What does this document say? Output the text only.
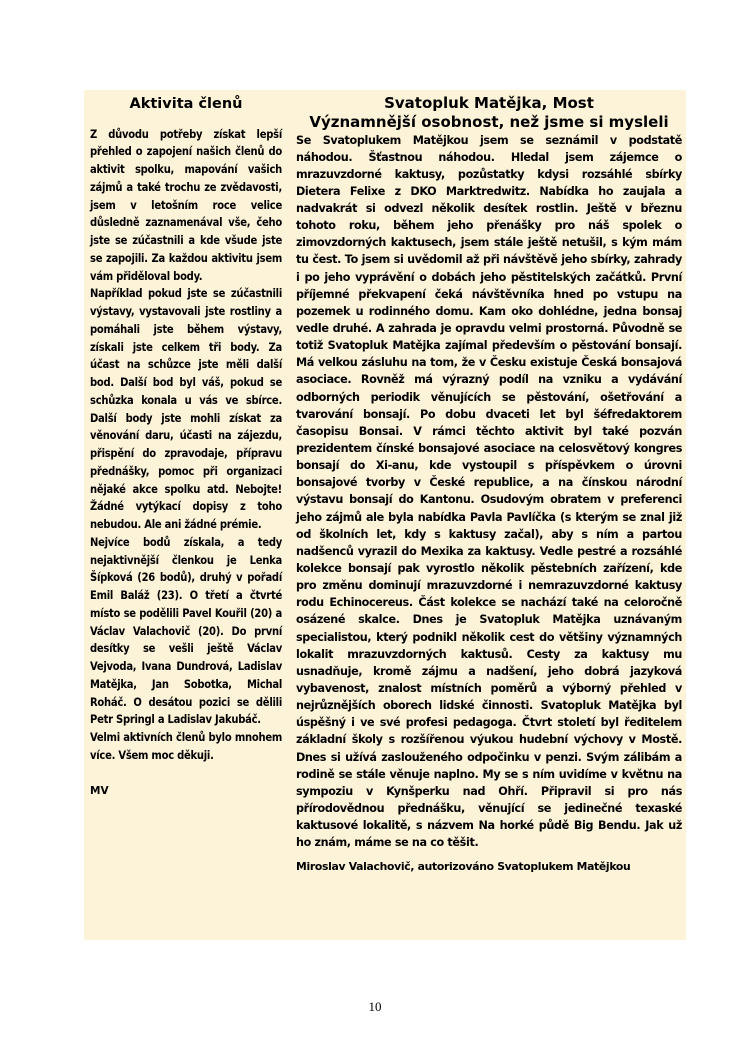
Aktivita členů

Z důvodu potřeby získat lepší přehled o zapojení našich členů do aktivit spolku, mapování vašich zájmů a také trochu ze zvědavosti, jsem v letošním roce velice důsledně zaznamenával vše, čeho jste se zúčastnili a kde všude jste se zapojili. Za každou aktivitu jsem vám přiděloval body.

Například pokud jste se zúčastnili výstavy, vystavovali jste rostliny a pomáhali jste během výstavy, získali jste celkem tři body. Za účast na schůzce jste měli další bod. Další bod byl váš, pokud se schůzka konala u vás ve sbírce. Další body jste mohli získat za věnování daru, účasti na zájezdu, přispění do zpravodaje, přípravu přednášky, pomoc při organizaci nějaké akce spolku atd. Nebojte! Žádné vytýkací dopisy z toho nebudou. Ale ani žádné prémie.

Nejvíce bodů získala, a tedy nejaktivnější členkou je Lenka Šípková (26 bodů), druhý v pořadí Emil Baláž (23). O třetí a čtvrté místo se podělili Pavel Kouřil (20) a Václav Valachovič (20). Do první desítky se vešli ještě Václav Vejvoda, Ivana Dundrová, Ladislav Matějka, Jan Sobotka, Michal Roháč. O desátou pozici se dělili Petr Springl a Ladislav Jakubáč.

Velmi aktivních členů bylo mnohem více. Všem moc děkuji.

MV
Svatopluk Matějka, Most
Významnější osobnost, než jsme si mysleli

Se Svatoplukem Matějkou jsem se seznámil v podstatě náhodou. Šťastnou náhodou. Hledal jsem zájemce o mrazuvzdorné kaktusy, pozůstatky kdysi rozsáhlé sbírky Dietera Felixe z DKO Marktredwitz. Nabídka ho zaujala a nadvakrát si odvezl několik desítek rostlin. Ještě v březnu tohoto roku, během jeho přenášky pro náš spolek o zimovzdorných kaktusech, jsem stále ještě netušil, s kým mám tu čest. To jsem si uvědomil až při návštěvě jeho sbírky, zahrady i po jeho vyprávění o dobách jeho pěstitelských začátků. První příjemné překvapení čeká návštěvníka hned po vstupu na pozemek u rodinného domu. Kam oko dohlédne, jedna bonsaj vedle druhé. A zahrada je opravdu velmi prostorná. Původně se totiž Svatopluk Matějka zajímal především o pěstování bonsají. Má velkou zásluhu na tom, že v Česku existuje Česká bonsajová asociace. Rovněž má výrazný podíl na vzniku a vydávání odborných periodik věnujících se pěstování, ošetřování a tvarování bonsají. Po dobu dvaceti let byl šéfredaktorem časopisu Bonsai. V rámci těchto aktivit byl také pozván prezidentem čínské bonsajové asociace na celosvětový kongres bonsají do Xi-anu, kde vystoupil s příspěvkem o úrovni bonsajové tvorby v České republice, a na čínskou národní výstavu bonsají do Kantonu. Osudovým obratem v preferenci jeho zájmů ale byla nabídka Pavla Pavlíčka (s kterým se znal již od školních let, kdy s kaktusy začal), aby s ním a partou nadšenců vyrazil do Mexika za kaktusy. Vedle pestré a rozsáhlé kolekce bonsají pak vyrostlo několik pěstebních zařízení, kde pro změnu dominují mrazuvzdorné i nemrazuvzdorné kaktusy rodu Echinocereus. Část kolekce se nachází také na celoročně osázené skalce. Dnes je Svatopluk Matějka uznávaným specialistou, který podnikl několik cest do většiny významných lokalit mrazuvzdorných kaktusů. Cesty za kaktusy mu usnadňuje, kromě zájmu a nadšení, jeho dobrá jazyková vybavenost, znalost místních poměrů a výborný přehled v nejrůznějších oborech lidské činnosti. Svatopluk Matějka byl úspěšný i ve své profesi pedagoga. Čtvrt století byl ředitelem základní školy s rozšířenou výukou hudební výchovy v Mostě. Dnes si užívá zaslouženého odpočinku v penzi. Svým zálibám a rodině se stále věnuje naplno. My se s ním uvidíme v květnu na sympoziu v Kynšperku nad Ohří. Připravil si pro nás přírodovědnou přednášku, věnující se jedinečné texaské kaktusové lokalitě, s názvem Na horké půdě Big Bendu. Jak už ho znám, máme se na co těšit.

Miroslav Valachovič, autorizováno Svatoplukem Matějkou
10
